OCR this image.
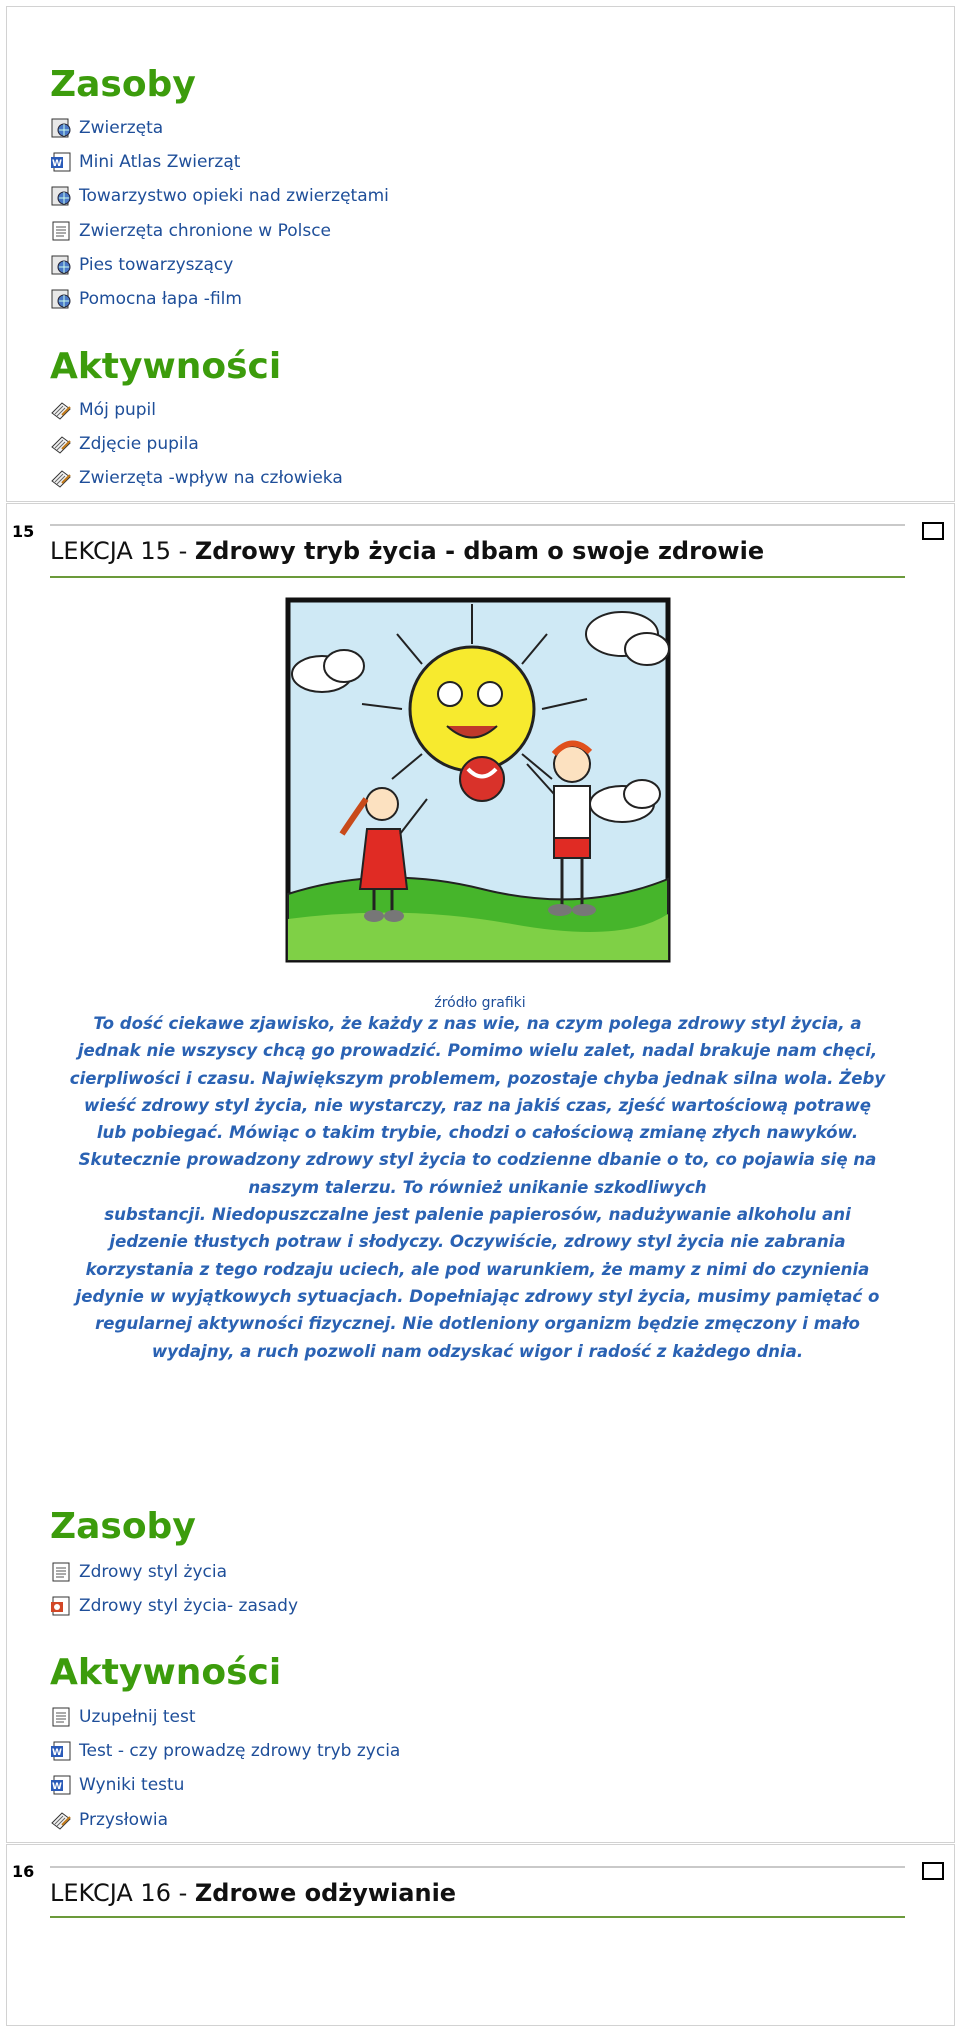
Zasoby
Zwierzęta
W Mini Atlas Zwierząt
Towarzystwo opieki nad zwierzętami
Zwierzęta chronione w Polsce
Pies towarzyszący
Pomocna łapa -film
Aktywności
Mój pupil
Zdjęcie pupila
Zwierzęta -wpływ na człowieka
15
LEKCJA 15 - Zdrowy tryb życia - dbam o swoje zdrowie
źródło grafiki
To dość ciekawe zjawisko, że każdy z nas wie, na czym polega zdrowy styl życia, a
jednak nie wszyscy chcą go prowadzić. Pomimo wielu zalet, nadal brakuje nam chęci,
cierpliwości i czasu. Największym problemem, pozostaje chyba jednak silna wola. Żeby
wieść zdrowy styl życia, nie wystarczy, raz na jakiś czas, zjeść wartościową potrawę
lub pobiegać. Mówiąc o takim trybie, chodzi o całościową zmianę złych nawyków.
Skutecznie prowadzony zdrowy styl życia to codzienne dbanie o to, co pojawia się na
naszym talerzu. To również unikanie szkodliwych
substancji. Niedopuszczalne jest palenie papierosów, nadużywanie alkoholu ani
jedzenie tłustych potraw i słodyczy. Oczywiście, zdrowy styl życia nie zabrania
korzystania z tego rodzaju uciech, ale pod warunkiem, że mamy z nimi do czynienia
jedynie w wyjątkowych sytuacjach. Dopełniając zdrowy styl życia, musimy pamiętać o
regularnej aktywności fizycznej. Nie dotleniony organizm będzie zmęczony i mało
wydajny, a ruch pozwoli nam odzyskać wigor i radość z każdego dnia.
Zasoby
Zdrowy styl życia
Zdrowy styl życia- zasady
Aktywności
Uzupełnij test
W Test - czy prowadzę zdrowy tryb zycia
W Wyniki testu
Przysłowia
16
LEKCJA 16 - Zdrowe odżywianie
